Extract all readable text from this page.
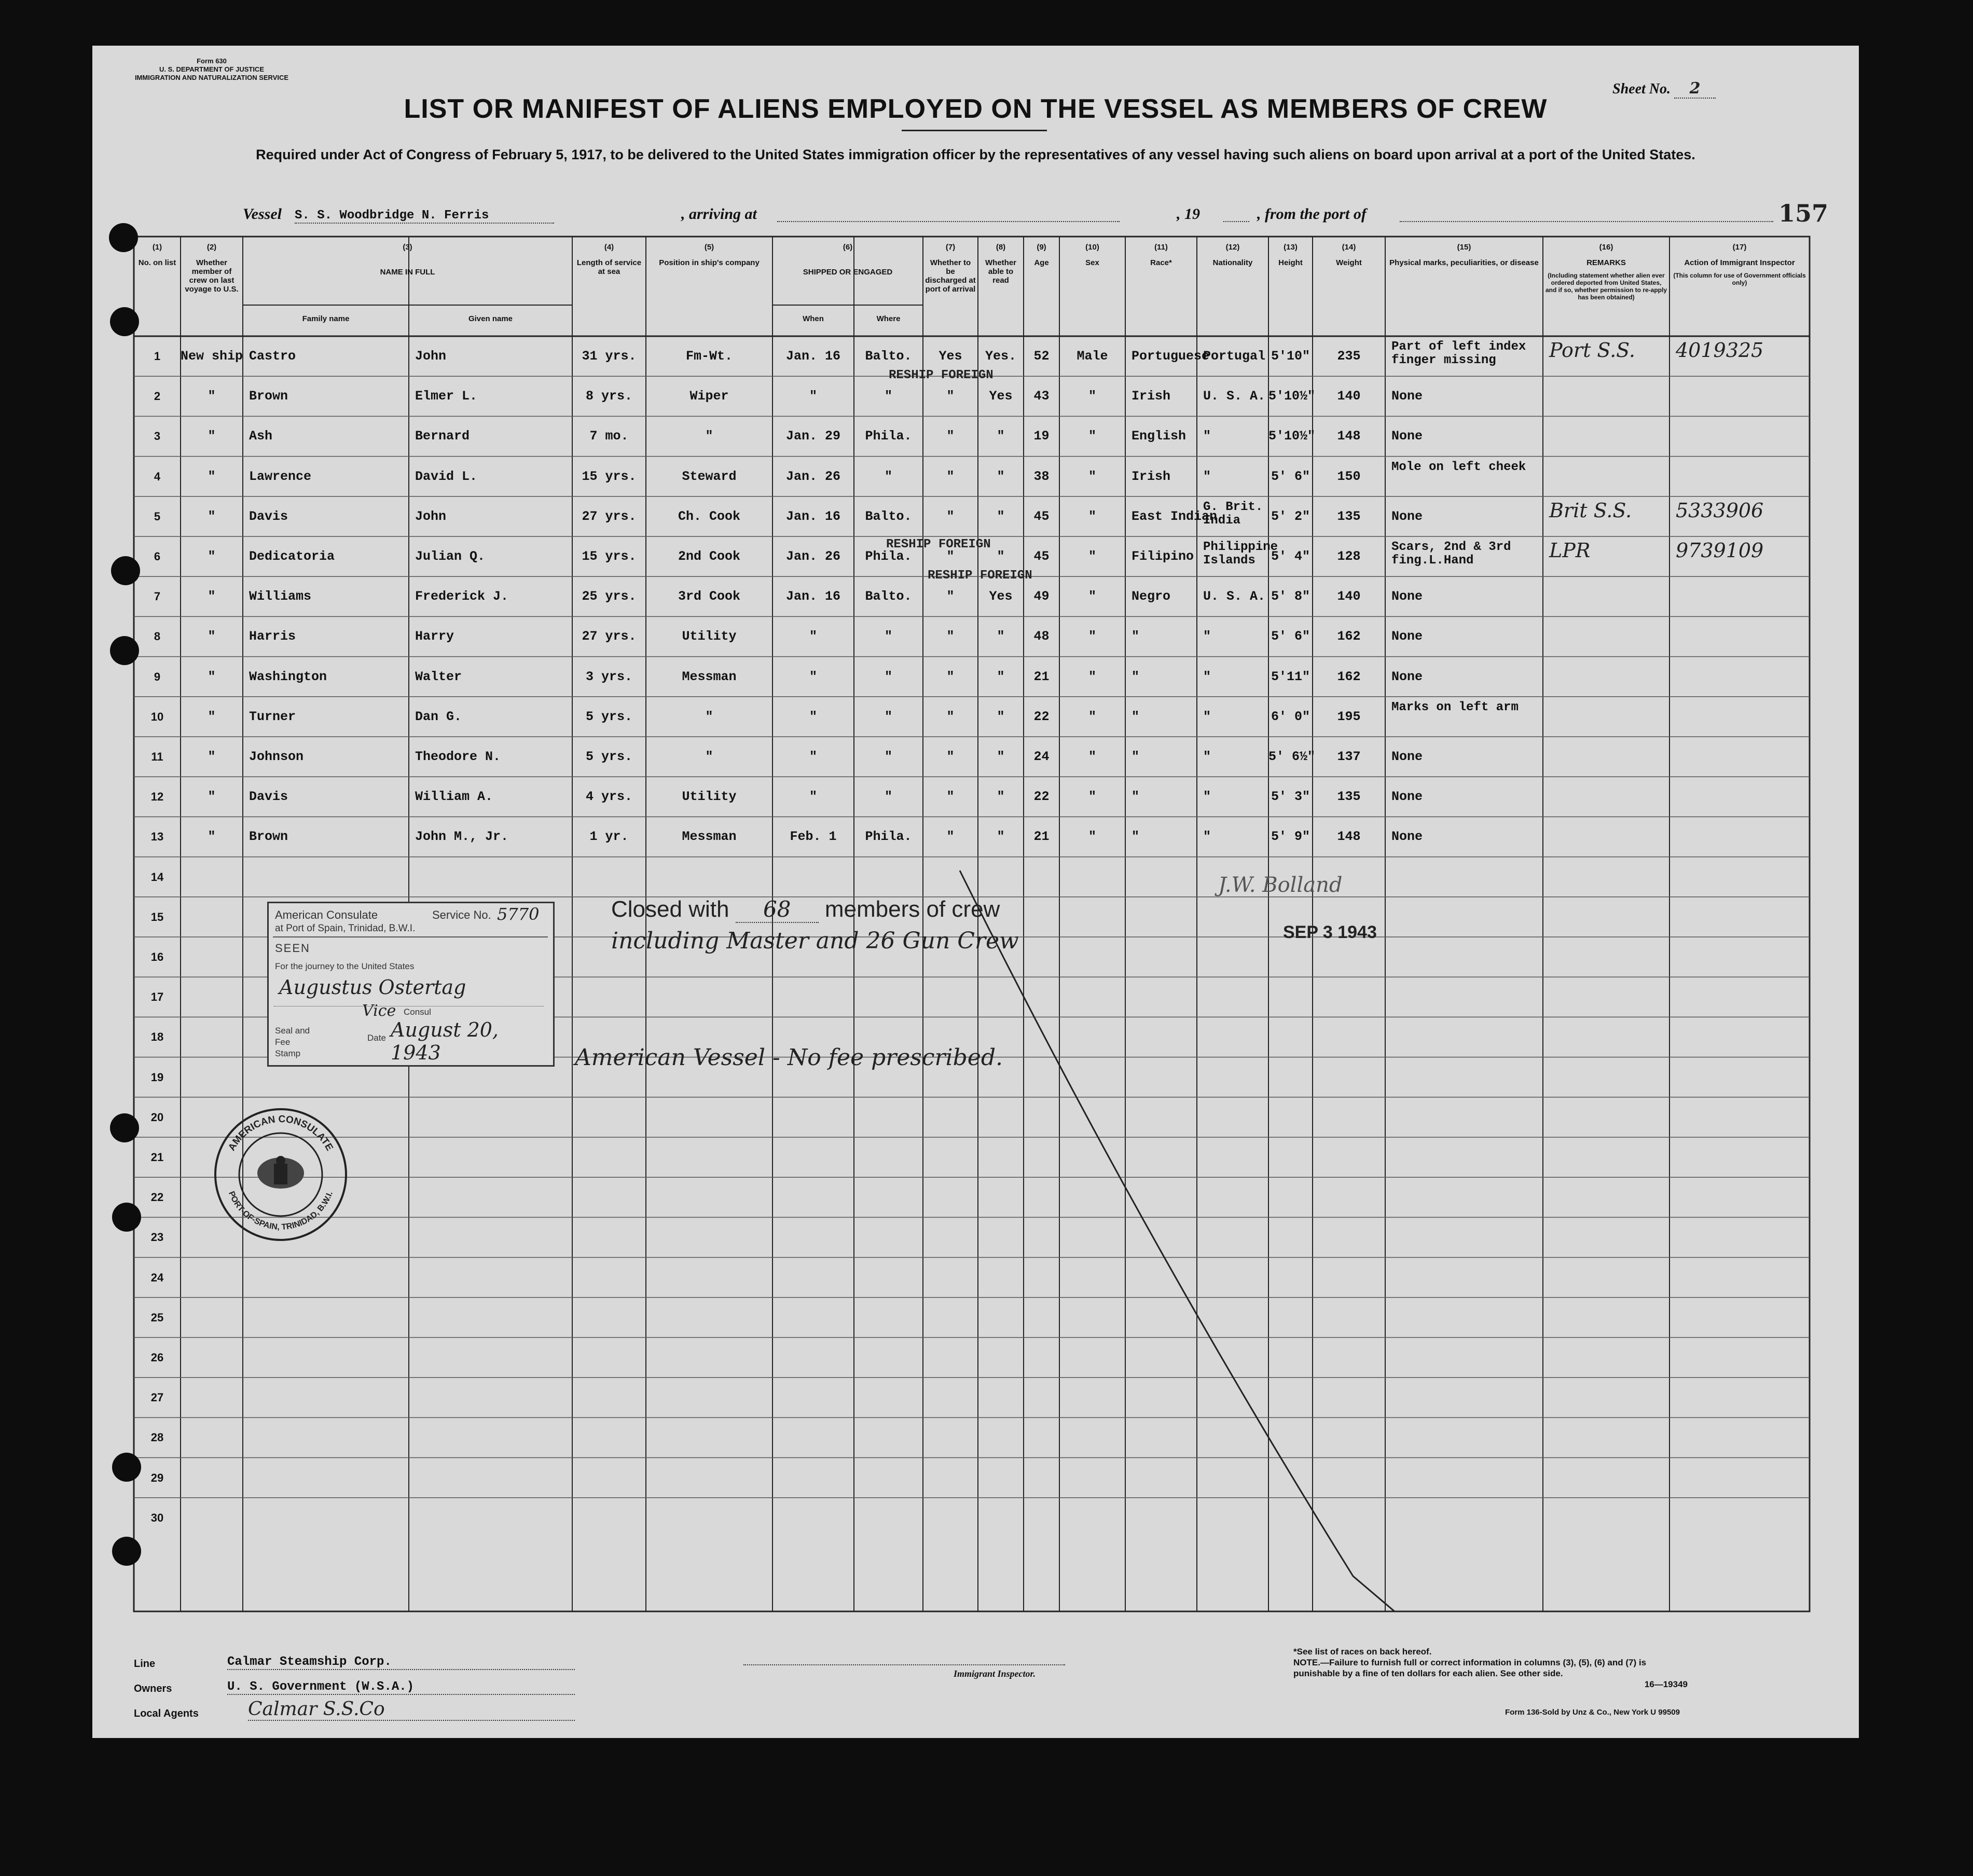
Form 630
U. S. DEPARTMENT OF JUSTICE
IMMIGRATION AND NATURALIZATION SERVICE
Sheet No. 2
LIST OR MANIFEST OF ALIENS EMPLOYED ON THE VESSEL AS MEMBERS OF CREW
Required under Act of Congress of February 5, 1917, to be delivered to the United States immigration officer by the representatives of any vessel having such aliens on board upon arrival at a port of the United States.
Vessel S. S. Woodbridge N. Ferris	, arriving at	, 19	, from the port of	157
(1)
No. on list
(2)
Whether member of crew on last voyage to U.S.
(3)
NAME IN FULL
Family name	Given name
(4)
Length of service at sea
(5)
Position in ship's company
(6)
SHIPPED OR ENGAGED
When	Where
(7)
Whether to be discharged at port of arrival
(8)
Whether able to read
(9)
Age
(10)
Sex
(11)
Race*
(12)
Nationality
(13)
Height
(14)
Weight
(15)
Physical marks, peculiarities, or disease
(16)
REMARKS
(Including statement whether alien ever ordered deported from United States, and if so, whether permission to re-apply has been obtained)
(17)
Action of Immigrant Inspector
(This column for use of Government officials only)
1	New ship Castro	John	31 yrs.	Fm-Wt.	Jan. 16	Balto.	Yes	Yes.	52	Male	Portuguese
Portugal 5'10"	235
Part of left index finger missing	Port S.S. 4019325
2	"	Brown	Elmer L.	8 yrs.	Wiper	"	"	"	Yes	43	"	Irish	U. S. A. 5'10½"	140	None
3	"	Ash	Bernard	7 mo.	"	Jan. 29	Phila.	"	"	19	"	English "	5'10½"	148	None
4	"	Lawrence	David L.	15 yrs.	Steward	Jan. 26	"	"	"	38	"	Irish	"	5' 6"	150
Mole on left cheek
5	"	Davis	John	27 yrs.	Ch. Cook	Jan. 16	Balto.	"	"	45	"	East Indian
G. Brit. India	5' 2"	135	None	Brit S.S. 5333906
6	"	Dedicatoria	Julian Q.	15 yrs.	2nd Cook	Jan. 26	Phila.	"	"	45	"	Filipino
Philippine Islands	5' 4"	128
Scars, 2nd & 3rd fing.L.Hand	LPR	9739109
7	"	Williams	Frederick J.	25 yrs.	3rd Cook	Jan. 16	Balto.	"	Yes	49	"	Negro	U. S. A. 5' 8"	140	None
8	"	Harris	Harry	27 yrs.	Utility	"	"	"	"	48	"	"	"	5' 6"	162	None
9	"	Washington	Walter	3 yrs.	Messman	"	"	"	"	21	"	"	"	5'11"	162	None
10	"	Turner	Dan G.	5 yrs.	"	"	"	"	"	22	"	"	"	6' 0"	195
Marks on left arm
11	"	Johnson	Theodore N.	5 yrs.	"	"	"	"	"	24	"	"	"	5' 6½"	137	None
12	"	Davis	William A.	4 yrs.	Utility	"	"	"	"	22	"	"	"	5' 3"	135	None
13	"	Brown	John M., Jr.	1 yr.	Messman	Feb. 1	Phila.	"	"	21	"	"	"	5' 9"	148	None
14
15
16
17
18
19
20
21
22
23
24
25
26
27
28
29
30
RESHIP FOREIGN
RESHIP FOREIGN
RESHIP FOREIGN
American Consulate
at Port of Spain, Trinidad, B.W.I.
Service No. 5770
SEEN
For the journey to the United States
Augustus Ostertag
Vice Consul
Seal and Fee Stamp
Date August 20, 1943
AMERICAN CONSULATE
PORT-OF-SPAIN, TRINIDAD, B.W.I.
Closed with 68 members of crew
including Master and 26 Gun Crew
American Vessel - No fee prescribed.
SEP 3 1943
J.W. Bolland
Line	Calmar Steamship Corp.
Owners	U. S. Government (W.S.A.)
Local Agents	Calmar S.S.Co
Immigrant Inspector.
*See list of races on back hereof.
NOTE.—Failure to furnish full or correct information in columns (3), (5), (6) and (7) is punishable by a fine of ten dollars for each alien. See other side.
16—19349
Form 136-Sold by Unz & Co., New York U 99509
